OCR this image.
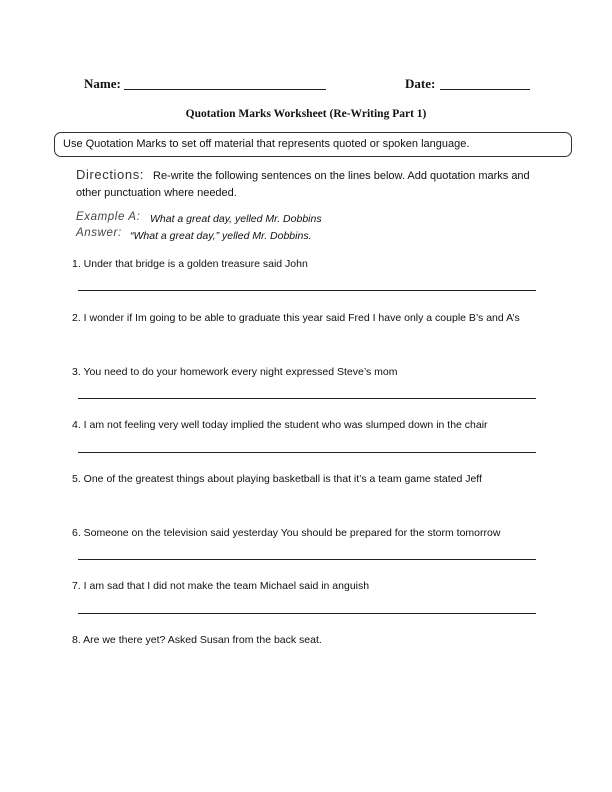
Name:	Date:
Quotation Marks Worksheet (Re-Writing Part 1)
Use Quotation Marks to set off material that represents quoted or spoken language.
Directions: Re-write the following sentences on the lines below. Add quotation marks and
other punctuation where needed.
Example A: What a great day, yelled Mr. Dobbins
Answer: “What a great day,” yelled Mr. Dobbins.
1. Under that bridge is a golden treasure said John
2. I wonder if Im going to be able to graduate this year said Fred I have only a couple B’s and A’s
3. You need to do your homework every night expressed Steve’s mom
4. I am not feeling very well today implied the student who was slumped down in the chair
5. One of the greatest things about playing basketball is that it’s a team game stated Jeff
6. Someone on the television said yesterday You should be prepared for the storm tomorrow
7. I am sad that I did not make the team Michael said in anguish
8. Are we there yet? Asked Susan from the back seat.
